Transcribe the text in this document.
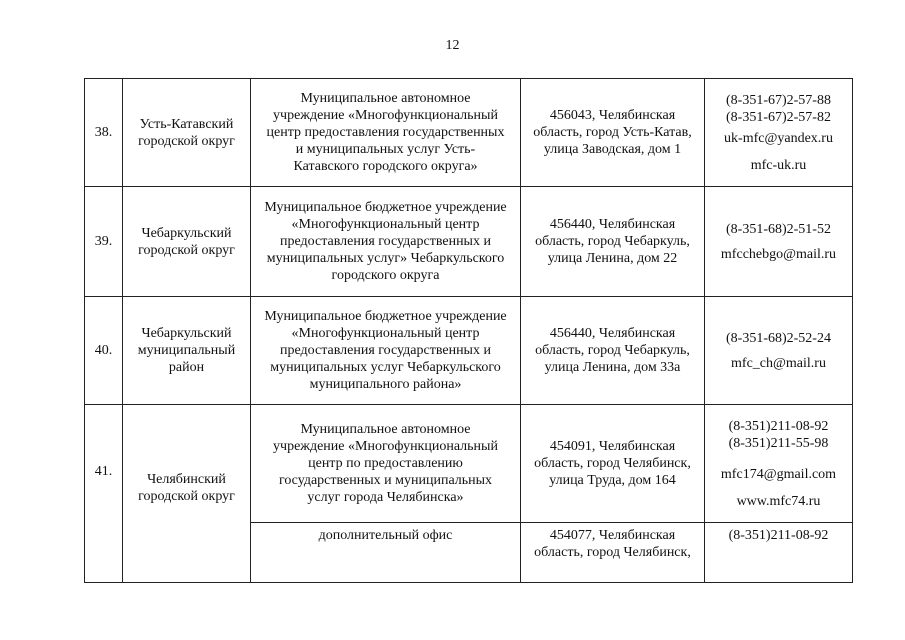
12
38.	Усть-Катавский
городской округ	Муниципальное автономное
учреждение «Многофункциональный
центр предоставления государственных
и муниципальных услуг Усть-
Катавского городского округа»	456043, Челябинская
область, город Усть-Катав,
улица Заводская, дом 1	(8-351-67)2-57-88
(8-351-67)2-57-82
uk-mfc@yandex.ru
mfc-uk.ru

39.	Чебаркульский
городской округ	Муниципальное бюджетное учреждение
«Многофункциональный центр
предоставления государственных и
муниципальных услуг» Чебаркульского
городского округа	456440, Челябинская
область, город Чебаркуль,
улица Ленина, дом 22	(8-351-68)2-51-52
mfcchebgo@mail.ru

40.	Чебаркульский
муниципальный
район	Муниципальное бюджетное учреждение
«Многофункциональный центр
предоставления государственных и
муниципальных услуг Чебаркульского
муниципального района»	456440, Челябинская
область, город Чебаркуль,
улица Ленина, дом 33а	(8-351-68)2-52-24
mfc_ch@mail.ru

41.	Челябинский
городской округ	Муниципальное автономное
учреждение «Многофункциональный
центр по предоставлению
государственных и муниципальных
услуг города Челябинска»	454091, Челябинская
область, город Челябинск,
улица Труда, дом 164	(8-351)211-08-92
(8-351)211-55-98
mfc174@gmail.com
www.mfc74.ru

		дополнительный офис	454077, Челябинская
область, город Челябинск,	(8-351)211-08-92
